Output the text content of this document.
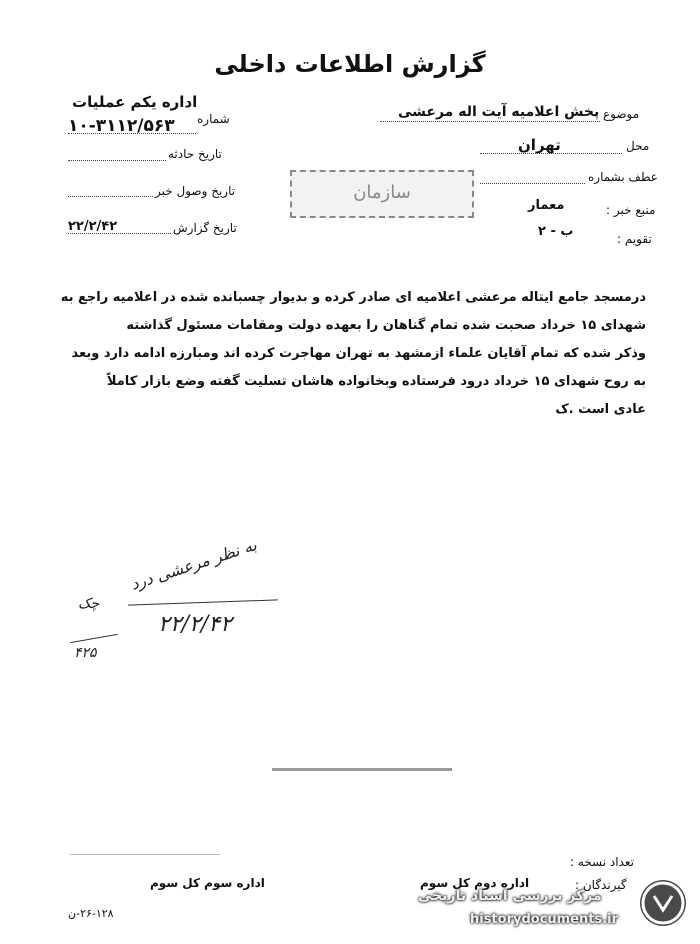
گزارش اطلاعات داخلی
اداره یکم عملیات
شماره
۱۰-۳۱۱۲/۵۶۳
تاریخ حادثه
تاریخ وصول خبر
تاریخ گزارش
۲۲/۲/۴۲
موضوع
پخش اعلامیه آیت اله مرعشی
محل
تهران
عطف بشماره
منبع خبر :
معمار
تقویم :
ب - ۲
سازمان
درمسجد جامع ایتاله مرعشی اعلامیه ای صادر کرده و بدیوار چسبانده شده در اعلامیه راجع به
شهدای ۱۵ خرداد صحبت شده تمام گناهان را بعهده دولت ومقامات مسئول گذاشته
وذکر شده که تمام آقایان علماء ازمشهد به تهران مهاجرت کرده اند ومبارزه ادامه دارد وبعد
به روح شهدای ۱۵ خرداد درود فرستاده وبخانواده هاشان تسلیت گفته وضع بازار کاملاً
عادی است .ک
به نظر مرعشی درد
۲۲/۲/۴۲
چک
۴۲۵
تعداد نسخه :
گیرندگان :
اداره دوم کل سوم
اداره سوم کل سوم
۲۶-۱۲۸-ن
مرکز بررسی اسناد تاریخی
historydocuments.ir
